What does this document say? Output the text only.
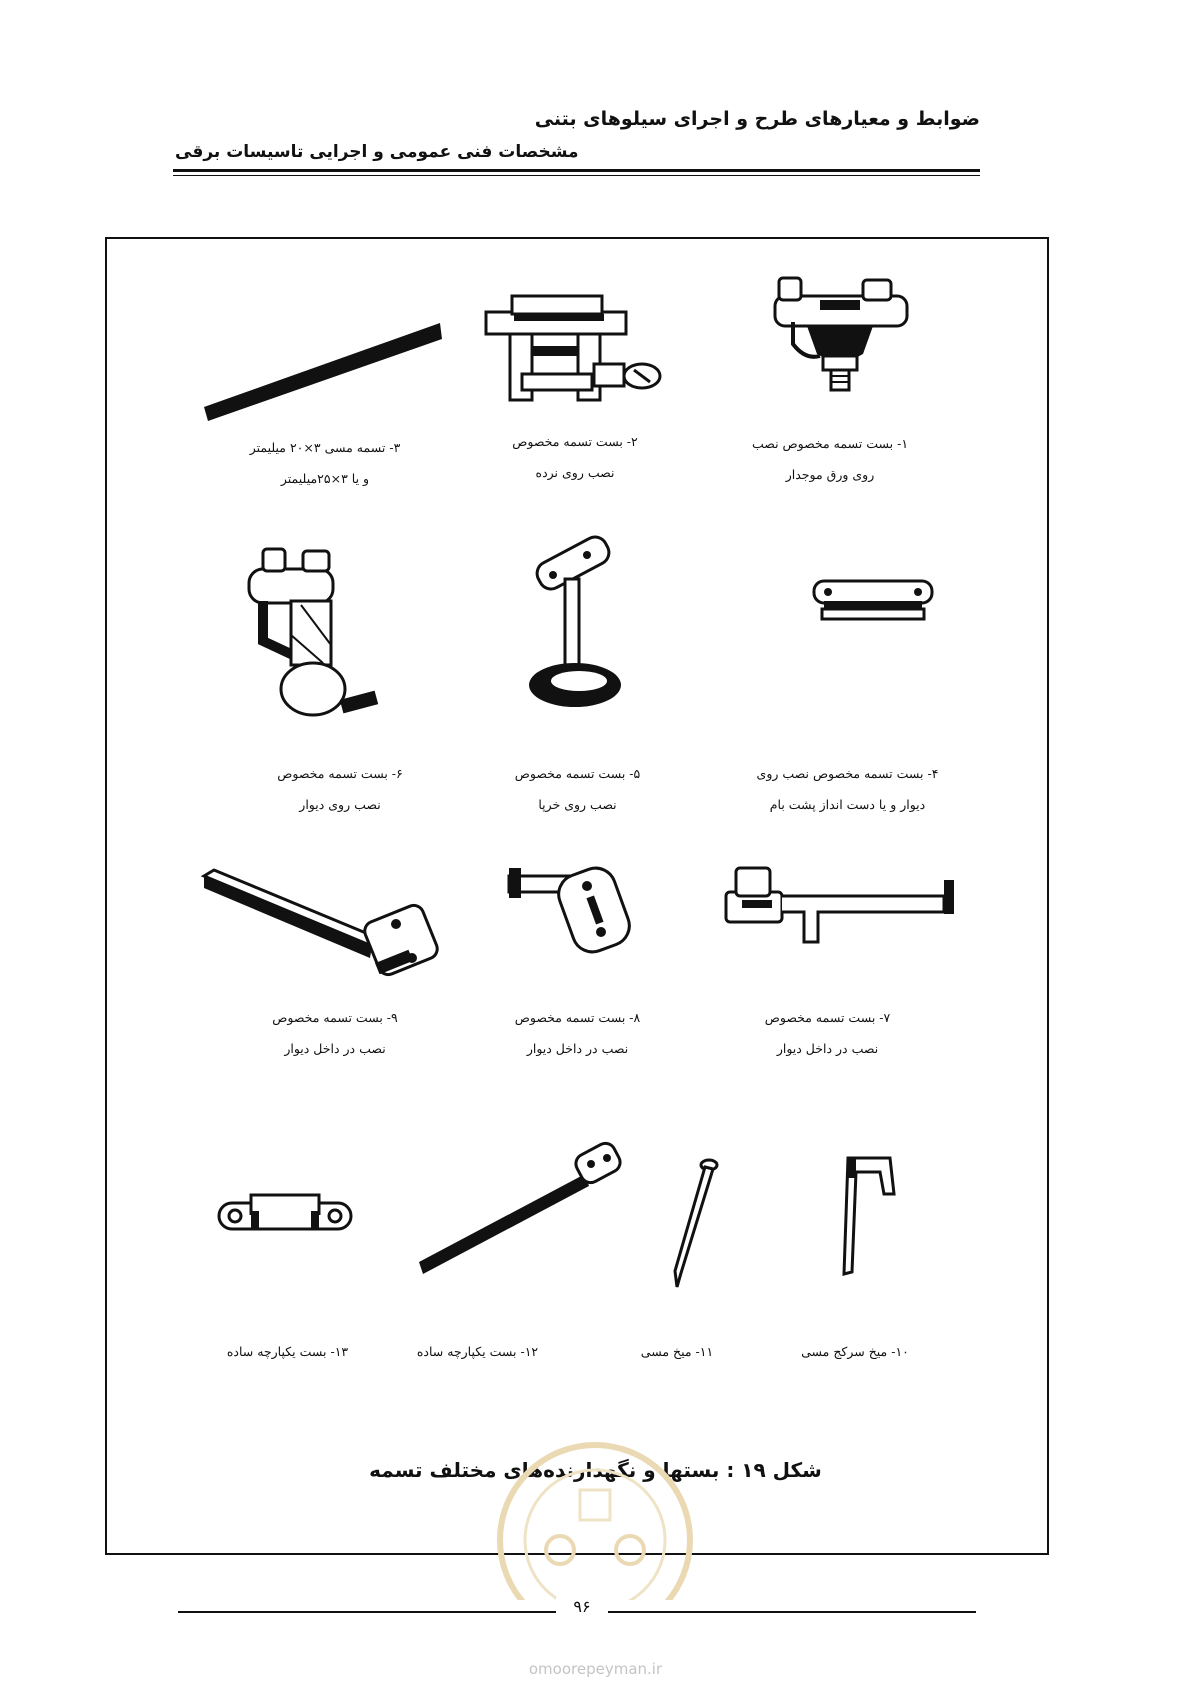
ضوابط و معیارهای طرح و اجرای سیلوهای بتنی
مشخصات فنی عمومی و اجرایی تاسیسات برقی
۱- بست تسمه مخصوص نصب
روی ورق موجدار
۲- بست تسمه مخصوص
نصب روی نرده
۳- تسمه مسی ۳×۲۰ میلیمتر
و یا ۳×۲۵میلیمتر
۴- بست تسمه مخصوص نصب روی
دیوار و یا دست انداز پشت بام
۵- بست تسمه مخصوص
نصب روی خرپا
۶- بست تسمه مخصوص
نصب روی دیوار
۷- بست تسمه مخصوص
نصب در داخل دیوار
۸- بست تسمه مخصوص
نصب در داخل دیوار
۹- بست تسمه مخصوص
نصب در داخل دیوار
۱۰- میخ سرکج مسی
۱۱- میخ مسی
۱۲- بست یکپارچه ساده
۱۳- بست یکپارچه ساده
شکل ۱۹ : بستها و نگهدارنده‌های مختلف تسمه
۹۶
omoorepeyman.ir
